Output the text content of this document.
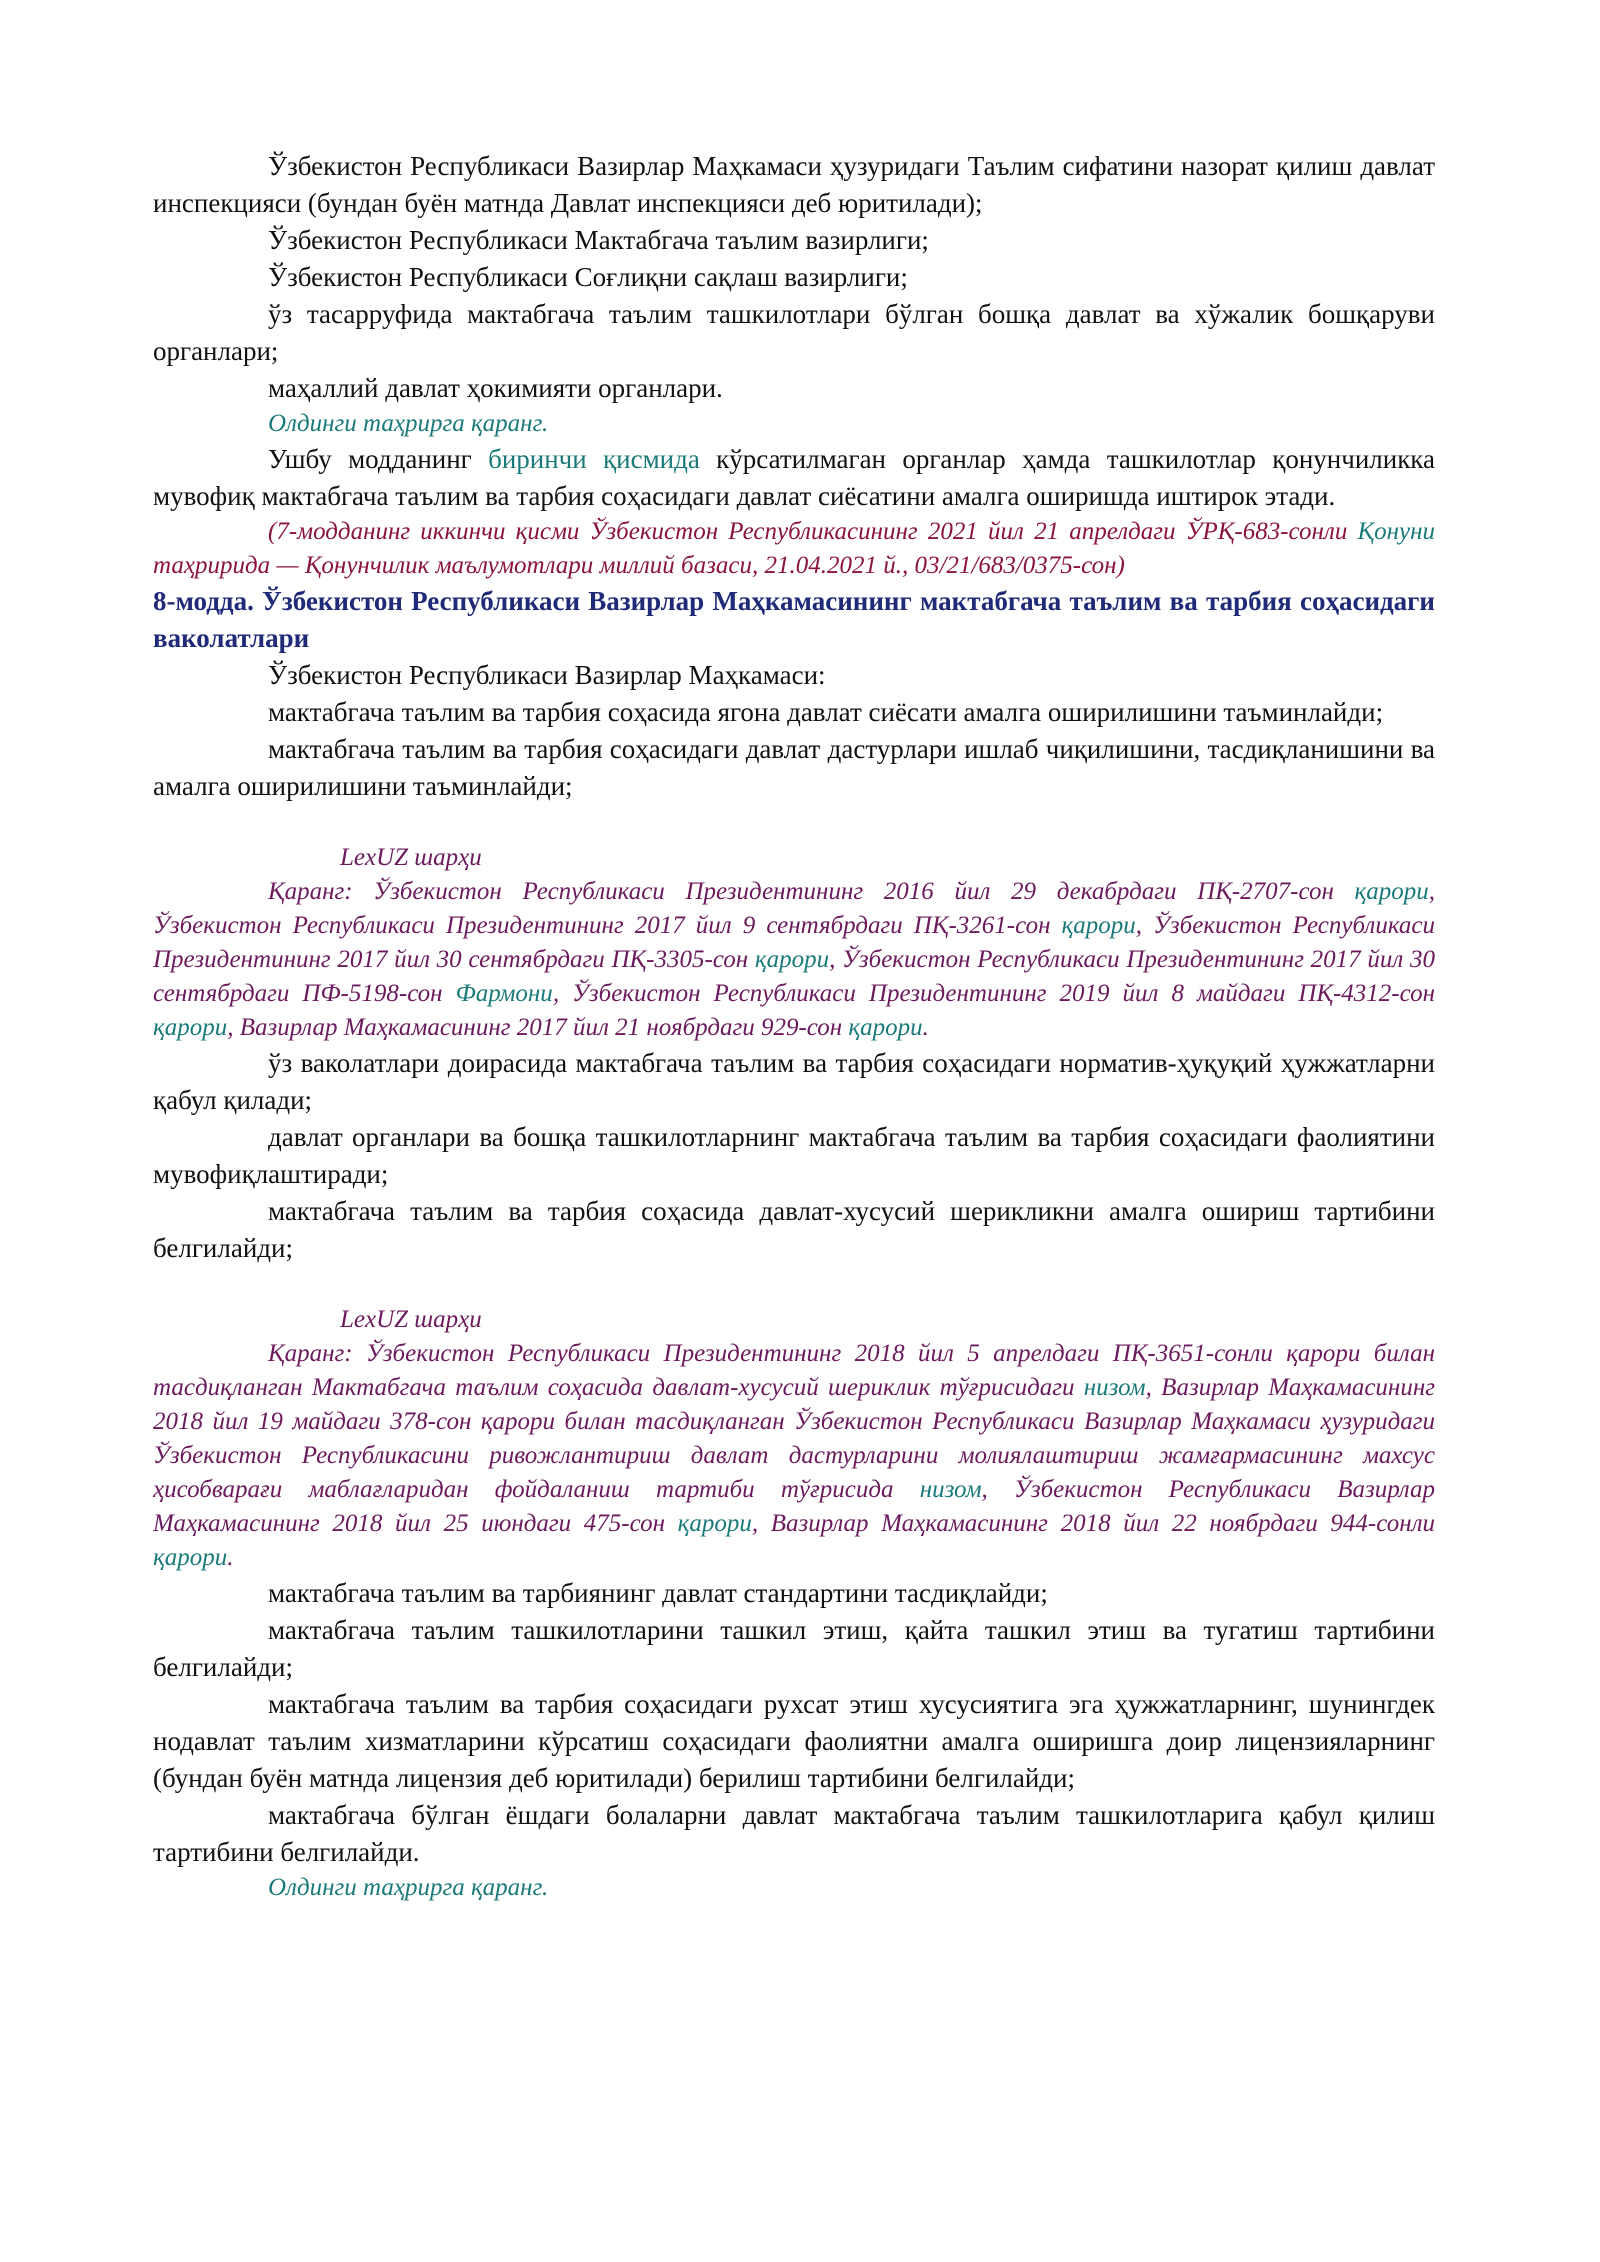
Ўзбекистон Республикаси Вазирлар Маҳкамаси ҳузуридаги Таълим сифатини назорат қилиш давлат инспекцияси (бундан буён матнда Давлат инспекцияси деб юритилади);

Ўзбекистон Республикаси Мактабгача таълим вазирлиги;

Ўзбекистон Республикаси Соғлиқни сақлаш вазирлиги;

ўз тасарруфида мактабгача таълим ташкилотлари бўлган бошқа давлат ва хўжалик бошқаруви органлари;

маҳаллий давлат ҳокимияти органлари.

Олдинги таҳрирга қаранг.

Ушбу модданинг биринчи қисмида кўрсатилмаган органлар ҳамда ташкилотлар қонунчиликка мувофиқ мактабгача таълим ва тарбия соҳасидаги давлат сиёсатини амалга оширишда иштирок этади.

(7-модданинг иккинчи қисми Ўзбекистон Республикасининг 2021 йил 21 апрелдаги ЎРҚ-683-сонли Қонуни таҳририда — Қонунчилик маълумотлари миллий базаси, 21.04.2021 й., 03/21/683/0375-сон)

8-модда. Ўзбекистон Республикаси Вазирлар Маҳкамасининг мактабгача таълим ва тарбия соҳасидаги ваколатлари

Ўзбекистон Республикаси Вазирлар Маҳкамаси:

мактабгача таълим ва тарбия соҳасида ягона давлат сиёсати амалга оширилишини таъминлайди;

мактабгача таълим ва тарбия соҳасидаги давлат дастурлари ишлаб чиқилишини, тасдиқланишини ва амалга оширилишини таъминлайди;

LexUZ шарҳи

Қаранг: Ўзбекистон Республикаси Президентининг 2016 йил 29 декабрдаги ПҚ-2707-сон қарори, Ўзбекистон Республикаси Президентининг 2017 йил 9 сентябрдаги ПҚ-3261-сон қарори, Ўзбекистон Республикаси Президентининг 2017 йил 30 сентябрдаги ПҚ-3305-сон қарори, Ўзбекистон Республикаси Президентининг 2017 йил 30 сентябрдаги ПФ-5198-сон Фармони, Ўзбекистон Республикаси Президентининг 2019 йил 8 майдаги ПҚ-4312-сон қарори, Вазирлар Маҳкамасининг 2017 йил 21 ноябрдаги 929-сон қарори.

ўз ваколатлари доирасида мактабгача таълим ва тарбия соҳасидаги норматив-ҳуқуқий ҳужжатларни қабул қилади;

давлат органлари ва бошқа ташкилотларнинг мактабгача таълим ва тарбия соҳасидаги фаолиятини мувофиқлаштиради;

мактабгача таълим ва тарбия соҳасида давлат-хусусий шерикликни амалга ошириш тартибини белгилайди;

LexUZ шарҳи

Қаранг: Ўзбекистон Республикаси Президентининг 2018 йил 5 апрелдаги ПҚ-3651-сонли қарори билан тасдиқланган Мактабгача таълим соҳасида давлат-хусусий шериклик тўғрисидаги низом, Вазирлар Маҳкамасининг 2018 йил 19 майдаги 378-сон қарори билан тасдиқланган Ўзбекистон Республикаси Вазирлар Маҳкамаси ҳузуридаги Ўзбекистон Республикасини ривожлантириш давлат дастурларини молиялаштириш жамғармасининг махсус ҳисобварағи маблағларидан фойдаланиш тартиби тўғрисида низом, Ўзбекистон Республикаси Вазирлар Маҳкамасининг 2018 йил 25 июндаги 475-сон қарори, Вазирлар Маҳкамасининг 2018 йил 22 ноябрдаги 944-сонли қарори.

мактабгача таълим ва тарбиянинг давлат стандартини тасдиқлайди;

мактабгача таълим ташкилотларини ташкил этиш, қайта ташкил этиш ва тугатиш тартибини белгилайди;

мактабгача таълим ва тарбия соҳасидаги рухсат этиш хусусиятига эга ҳужжатларнинг, шунингдек нодавлат таълим хизматларини кўрсатиш соҳасидаги фаолиятни амалга оширишга доир лицензияларнинг (бундан буён матнда лицензия деб юритилади) берилиш тартибини белгилайди;

мактабгача бўлган ёшдаги болаларни давлат мактабгача таълим ташкилотларига қабул қилиш тартибини белгилайди.

Олдинги таҳрирга қаранг.
